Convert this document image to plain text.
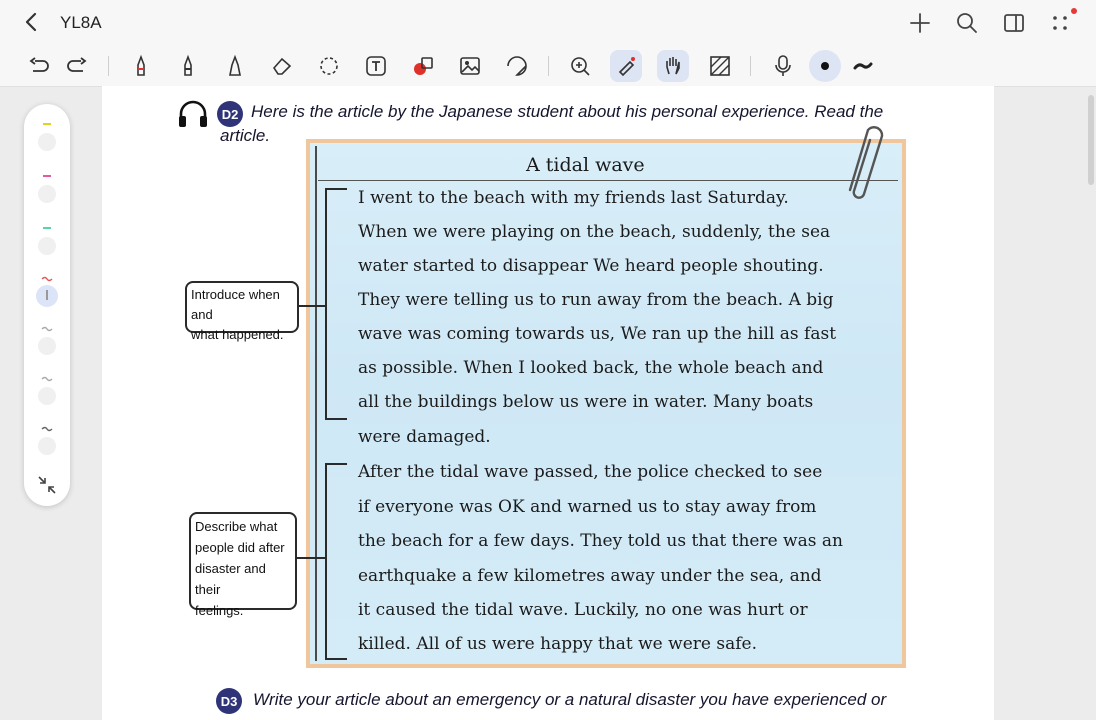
YL8A
D2 Here is the article by the Japanese student about his personal experience. Read the
article.
A tidal wave
I went to the beach with my friends last Saturday.
When we were playing on the beach, suddenly, the sea
water started to disappear We heard people shouting.
They were telling us to run away from the beach. A big
wave was coming towards us, We ran up the hill as fast
as possible. When I looked back, the whole beach and
all the buildings below us were in water. Many boats
were damaged.
After the tidal wave passed, the police checked to see
if everyone was OK and warned us to stay away from
the beach for a few days. They told us that there was an
earthquake a few kilometres away under the sea, and
it caused the tidal wave. Luckily, no one was hurt or
killed. All of us were happy that we were safe.
Introduce when and
what happened.
Describe what
people did after
disaster and their
feelings.
D3 Write your article about an emergency or a natural disaster you have experienced or
